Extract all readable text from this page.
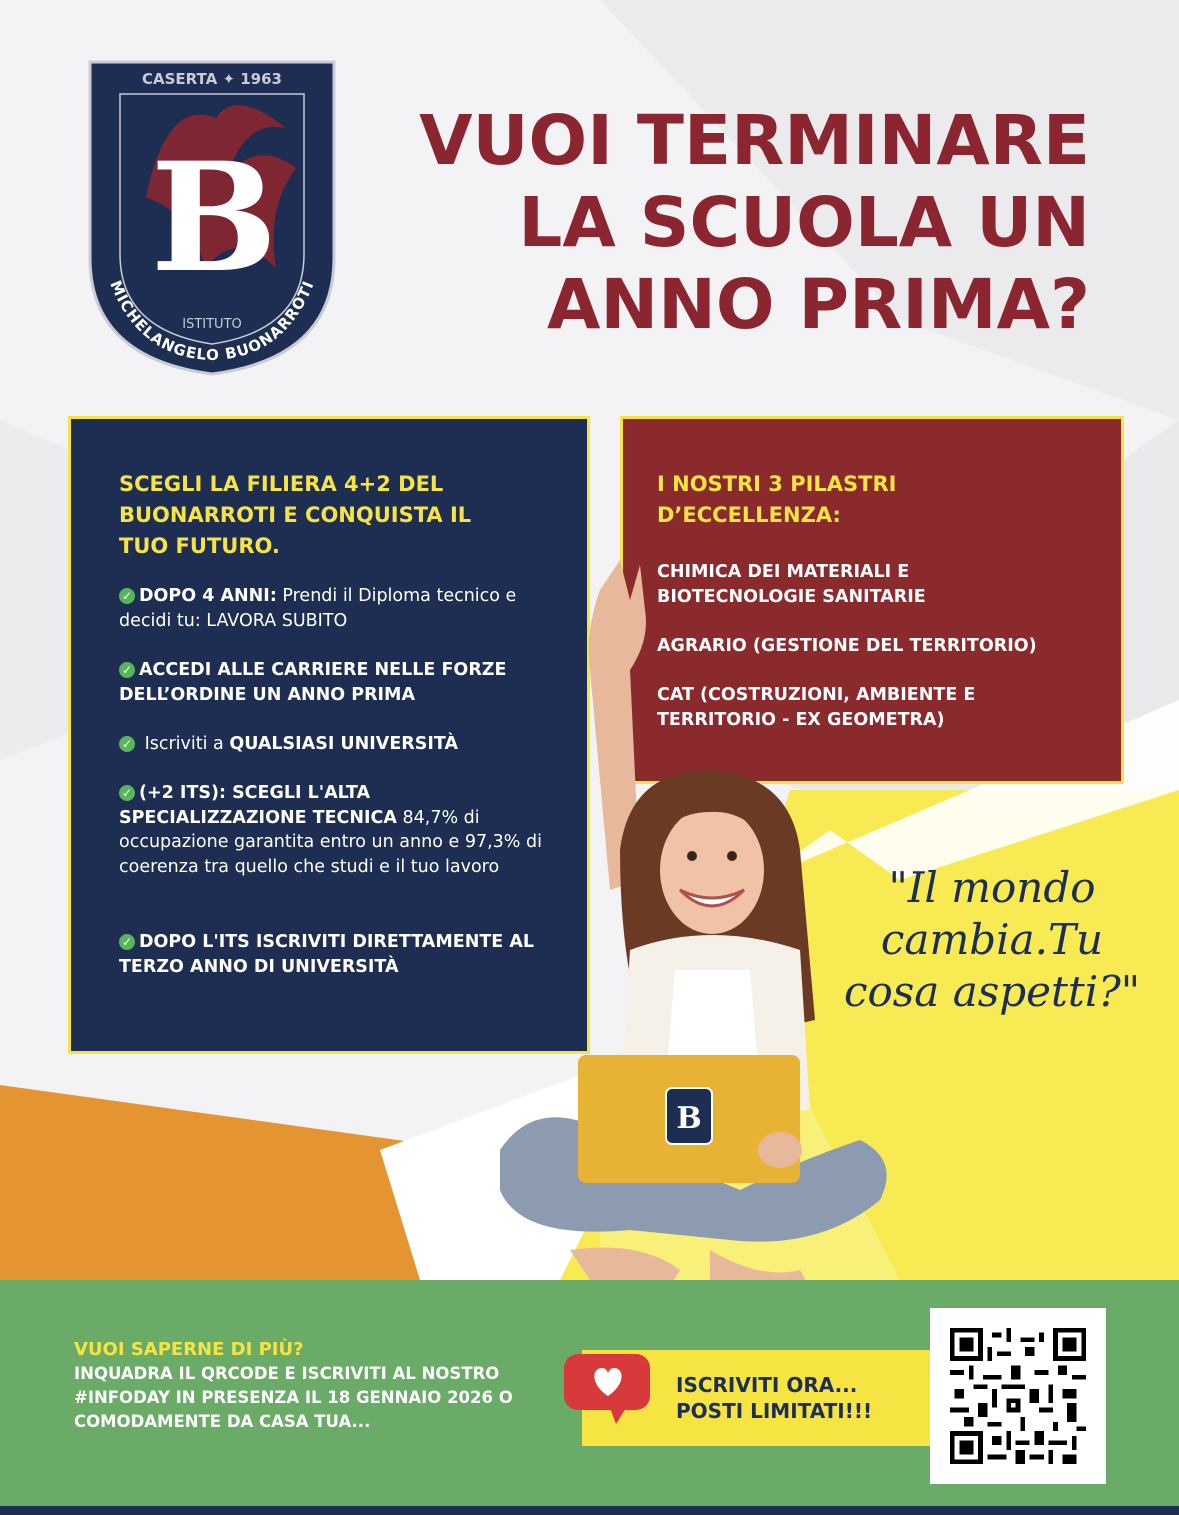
B
CASERTA ✦ 1963
ISTITUTO
MICHELANGELO BUONARROTI
VUOI TERMINARE
LA SCUOLA UN
ANNO PRIMA?
SCEGLI LA FILIERA 4+2 DEL
BUONARROTI E CONQUISTA IL
TUO FUTURO.
✓ DOPO 4 ANNI: Prendi il Diploma tecnico e decidi tu: LAVORA SUBITO
✓ ACCEDI ALLE CARRIERE NELLE FORZE DELL’ORDINE UN ANNO PRIMA
✓ Iscriviti a QUALSIASI UNIVERSITÀ
✓ (+2 ITS): SCEGLI L'ALTA SPECIALIZZAZIONE TECNICA 84,7% di occupazione garantita entro un anno e 97,3% di coerenza tra quello che studi e il tuo lavoro
✓ DOPO L'ITS ISCRIVITI DIRETTAMENTE AL TERZO ANNO DI UNIVERSITÀ
I NOSTRI 3 PILASTRI
D’ECCELLENZA:
CHIMICA DEI MATERIALI E BIOTECNOLOGIE SANITARIE
AGRARIO (GESTIONE DEL TERRITORIO)
CAT (COSTRUZIONI, AMBIENTE E TERRITORIO - EX GEOMETRA)
B
"Il mondo
cambia.Tu
cosa aspetti?"
VUOI SAPERNE DI PIÙ?
INQUADRA IL QRCODE E ISCRIVITI AL NOSTRO #INFODAY IN PRESENZA IL 18 GENNAIO 2026 O COMODAMENTE DA CASA TUA...
ISCRIVITI ORA...
POSTI LIMITATI!!!
